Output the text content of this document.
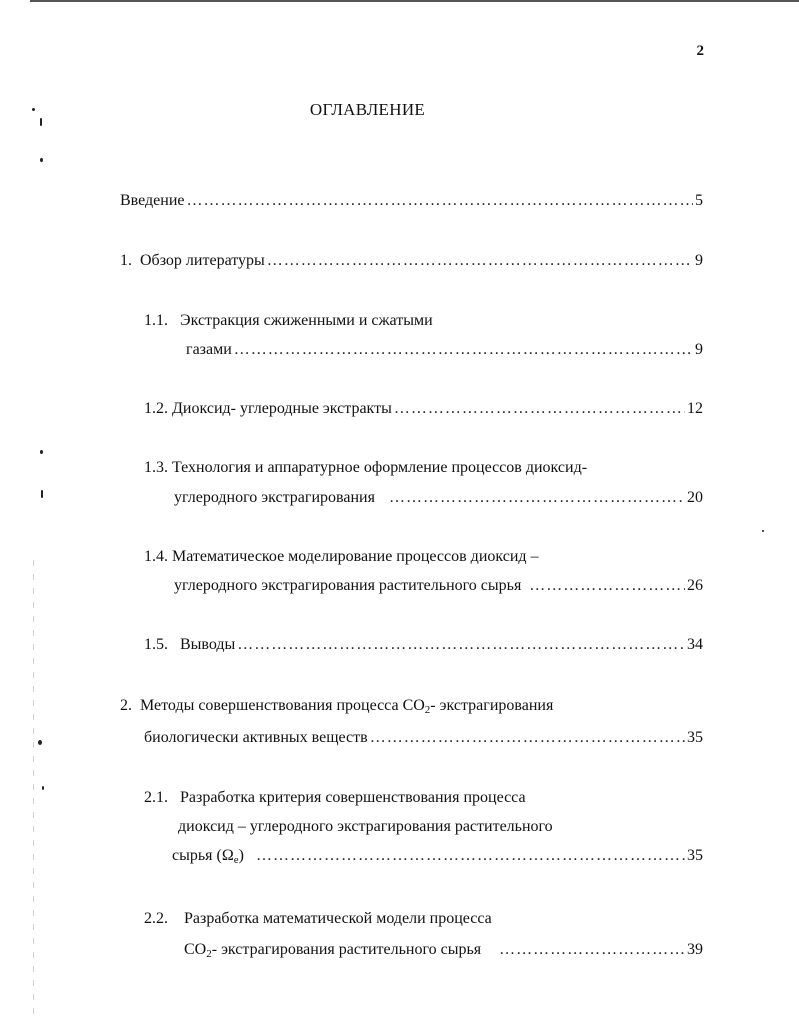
2
ОГЛАВЛЕНИЕ
Введение ………………………………………………………………………………………………………………………………………………………………	5
1. Обзор литературы ………………………………………………………………………………………………………………………………………………………………	9
1.1. Экстракция сжиженными и сжатыми
газами ………………………………………………………………………………………………………………………………………………………………	9
1.2. Диоксид- углеродные экстракты ………………………………………………………………………………………………………………………………………………………………	12
1.3. Технология и аппаратурное оформление процессов диоксид-
углеродного экстрагирования ………………………………………………………………………………………………………………………………………………………………	20
1.4. Математическое моделирование процессов диоксид –
углеродного экстрагирования растительного сырья ………………………………………………………………………………………………………………………………………………………………	26
1.5. Выводы ………………………………………………………………………………………………………………………………………………………………	34
2. Методы совершенствования процесса $CO_2-$ экстрагирования
биологически активных веществ ………………………………………………………………………………………………………………………………………………………………	35
2.1. Разработка критерия совершенствования процесса
диоксид – углеродного экстрагирования растительного
сырья $(\Omega_e)$ ………………………………………………………………………………………………………………………………………………………………	35
2.2. Разработка математической модели процесса
$CO_2-$ экстрагирования растительного сырья ………………………………………………………………………………………………………………………………………………………………	39
